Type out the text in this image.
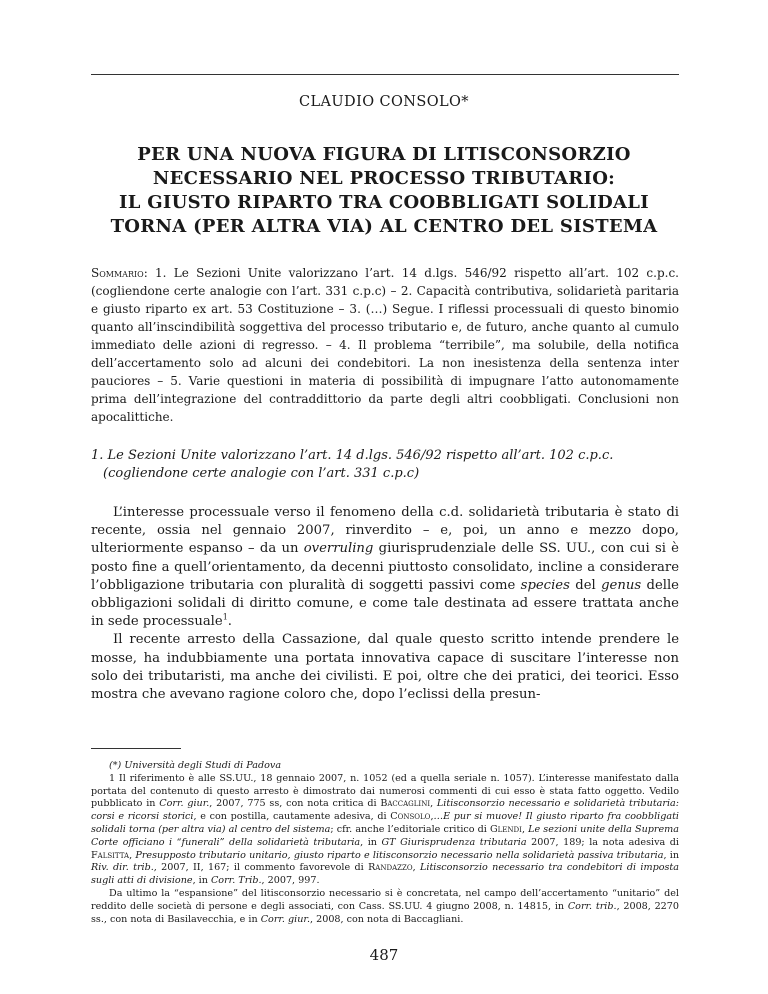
CLAUDIO CONSOLO*
PER UNA NUOVA FIGURA DI LITISCONSORZIO
NECESSARIO NEL PROCESSO TRIBUTARIO:
IL GIUSTO RIPARTO TRA COOBBLIGATI SOLIDALI
TORNA (PER ALTRA VIA) AL CENTRO DEL SISTEMA
Sommario: 1. Le Sezioni Unite valorizzano l’art. 14 d.lgs. 546/92 rispetto all’art. 102 c.p.c. (cogliendone certe analogie con l’art. 331 c.p.c) – 2. Capacità contributiva, solidarietà paritaria e giusto riparto ex art. 53 Costituzione – 3. (…) Segue. I riflessi processuali di questo binomio quanto all’inscindibilità soggettiva del processo tributario e, de futuro, anche quanto al cumulo immediato delle azioni di regresso. – 4. Il problema “terribile”, ma solubile, della notifica dell’accertamento solo ad alcuni dei condebitori. La non inesistenza della sentenza inter pauciores – 5. Varie questioni in materia di possibilità di impugnare l’atto autonomamente prima dell’integrazione del contraddittorio da parte degli altri coobbligati. Conclusioni non apocalittiche.
1. Le Sezioni Unite valorizzano l’art. 14 d.lgs. 546/92 rispetto all’art. 102 c.p.c.
(cogliendone certe analogie con l’art. 331 c.p.c)

L’interesse processuale verso il fenomeno della c.d. solidarietà tributaria è stato di recente, ossia nel gennaio 2007, rinverdito – e, poi, un anno e mezzo dopo, ulteriormente espanso – da un overruling giurisprudenziale delle SS. UU., con cui si è posto fine a quell’orientamento, da decenni piuttosto consolidato, incline a considerare l’obbligazione tributaria con pluralità di soggetti passivi come species del genus delle obbligazioni solidali di diritto comune, e come tale destinata ad essere trattata anche in sede processuale$^1$.

Il recente arresto della Cassazione, dal quale questo scritto intende prendere le mosse, ha indubbiamente una portata innovativa capace di suscitare l’interesse non solo dei tributaristi, ma anche dei civilisti. E poi, oltre che dei pratici, dei teorici. Esso mostra che avevano ragione coloro che, dopo l’eclissi della presun-

(*) Università degli Studi di Padova

1 Il riferimento è alle SS.UU., 18 gennaio 2007, n. 1052 (ed a quella seriale n. 1057). L’interesse manifestato dalla portata del contenuto di questo arresto è dimostrato dai numerosi commenti di cui esso è stata fatto oggetto. Vedilo pubblicato in Corr. giur., 2007, 775 ss, con nota critica di Baccaglini, Litisconsorzio necessario e solidarietà tributaria: corsi e ricorsi storici, e con postilla, cautamente adesiva, di Consolo,…E pur si muove! Il giusto riparto fra coobbligati solidali torna (per altra via) al centro del sistema; cfr. anche l’editoriale critico di Glendi, Le sezioni unite della Suprema Corte officiano i “funerali” della solidarietà tributaria, in GT Giurisprudenza tributaria 2007, 189; la nota adesiva di Falsitta, Presupposto tributario unitario, giusto riparto e litisconsorzio necessario nella solidarietà passiva tributaria, in Riv. dir. trib., 2007, II, 167; il commento favorevole di Randazzo, Litisconsorzio necessario tra condebitori di imposta sugli atti di divisione, in Corr. Trib., 2007, 997.

Da ultimo la “espansione” del litisconsorzio necessario si è concretata, nel campo dell’accertamento “unitario” del reddito delle società di persone e degli associati, con Cass. SS.UU. 4 giugno 2008, n. 14815, in Corr. trib., 2008, 2270 ss., con nota di Basilavecchia, e in Corr. giur., 2008, con nota di Baccagliani.

487
